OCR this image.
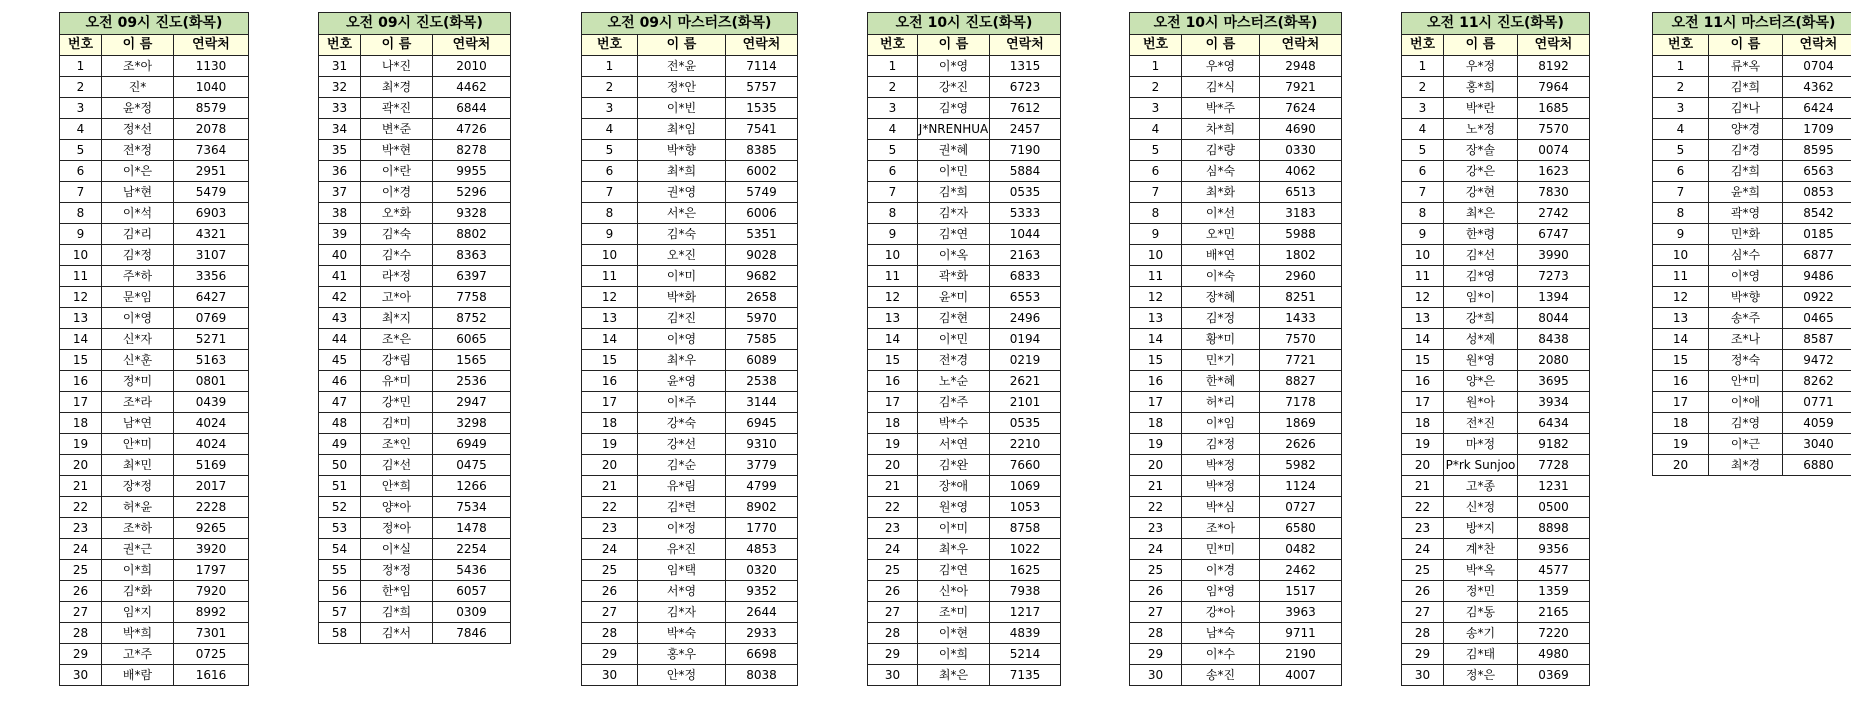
오전 09시 진도(화목)		
번호	이 름	연락처
1	조*아	1130
2	진*	1040
3	윤*정	8579
4	정*선	2078
5	전*정	7364
6	이*은	2951
7	남*현	5479
8	이*석	6903
9	김*리	4321
10	김*정	3107
11	주*하	3356
12	문*임	6427
13	이*영	0769
14	신*자	5271
15	신*훈	5163
16	정*미	0801
17	조*라	0439
18	남*연	4024
19	안*미	4024
20	최*민	5169
21	장*정	2017
22	허*윤	2228
23	조*하	9265
24	권*근	3920
25	이*희	1797
26	김*화	7920
27	임*지	8992
28	박*희	7301
29	고*주	0725
30	배*람	1616
오전 09시 진도(화목)		
번호	이 름	연락처
31	나*진	2010
32	최*경	4462
33	곽*진	6844
34	변*준	4726
35	박*현	8278
36	이*란	9955
37	이*경	5296
38	오*화	9328
39	김*숙	8802
40	김*수	8363
41	라*정	6397
42	고*아	7758
43	최*지	8752
44	조*은	6065
45	강*림	1565
46	유*미	2536
47	강*민	2947
48	김*미	3298
49	조*인	6949
50	김*선	0475
51	안*희	1266
52	양*아	7534
53	정*아	1478
54	이*실	2254
55	정*정	5436
56	한*임	6057
57	김*희	0309
58	김*서	7846
오전 09시 마스터즈(화목)		
번호	이 름	연락처
1	전*윤	7114
2	정*안	5757
3	이*빈	1535
4	최*임	7541
5	박*향	8385
6	최*희	6002
7	권*영	5749
8	서*은	6006
9	김*숙	5351
10	오*진	9028
11	이*미	9682
12	박*화	2658
13	김*진	5970
14	이*영	7585
15	최*우	6089
16	윤*영	2538
17	이*주	3144
18	강*숙	6945
19	강*선	9310
20	김*순	3779
21	유*림	4799
22	김*련	8902
23	이*정	1770
24	유*진	4853
25	임*택	0320
26	서*영	9352
27	김*자	2644
28	박*숙	2933
29	홍*우	6698
30	안*정	8038
오전 10시 진도(화목)		
번호	이 름	연락처
1	이*영	1315
2	강*진	6723
3	김*영	7612
4	J*NRENHUA	2457
5	권*혜	7190
6	이*민	5884
7	김*희	0535
8	김*자	5333
9	김*연	1044
10	이*옥	2163
11	곽*화	6833
12	윤*미	6553
13	김*현	2496
14	이*민	0194
15	전*경	0219
16	노*순	2621
17	김*주	2101
18	박*수	0535
19	서*연	2210
20	김*완	7660
21	장*애	1069
22	원*영	1053
23	이*미	8758
24	최*우	1022
25	김*연	1625
26	신*아	7938
27	조*미	1217
28	이*현	4839
29	이*희	5214
30	최*은	7135
오전 10시 마스터즈(화목)		
번호	이 름	연락처
1	우*영	2948
2	김*식	7921
3	박*주	7624
4	차*희	4690
5	김*량	0330
6	심*숙	4062
7	최*화	6513
8	이*선	3183
9	오*민	5988
10	배*연	1802
11	이*숙	2960
12	장*혜	8251
13	김*정	1433
14	황*미	7570
15	민*기	7721
16	한*혜	8827
17	허*리	7178
18	이*임	1869
19	김*정	2626
20	박*정	5982
21	박*정	1124
22	박*심	0727
23	조*아	6580
24	민*미	0482
25	이*경	2462
26	임*영	1517
27	강*아	3963
28	남*숙	9711
29	이*수	2190
30	송*진	4007
오전 11시 진도(화목)		
번호	이 름	연락처
1	우*정	8192
2	홍*희	7964
3	박*란	1685
4	노*정	7570
5	장*솔	0074
6	강*은	1623
7	강*현	7830
8	최*은	2742
9	한*령	6747
10	김*선	3990
11	김*영	7273
12	임*이	1394
13	강*희	8044
14	성*제	8438
15	원*영	2080
16	양*은	3695
17	원*아	3934
18	전*진	6434
19	마*정	9182
20	P*rk Sunjoo	7728
21	고*종	1231
22	신*정	0500
23	방*지	8898
24	계*찬	9356
25	박*옥	4577
26	정*민	1359
27	김*동	2165
28	송*기	7220
29	김*태	4980
30	정*은	0369
오전 11시 마스터즈(화목)		
번호	이 름	연락처
1	류*옥	0704
2	김*희	4362
3	김*나	6424
4	양*경	1709
5	김*경	8595
6	김*희	6563
7	윤*희	0853
8	곽*영	8542
9	민*화	0185
10	심*수	6877
11	이*영	9486
12	박*향	0922
13	송*주	0465
14	조*나	8587
15	정*숙	9472
16	안*미	8262
17	이*애	0771
18	김*영	4059
19	이*근	3040
20	최*경	6880
